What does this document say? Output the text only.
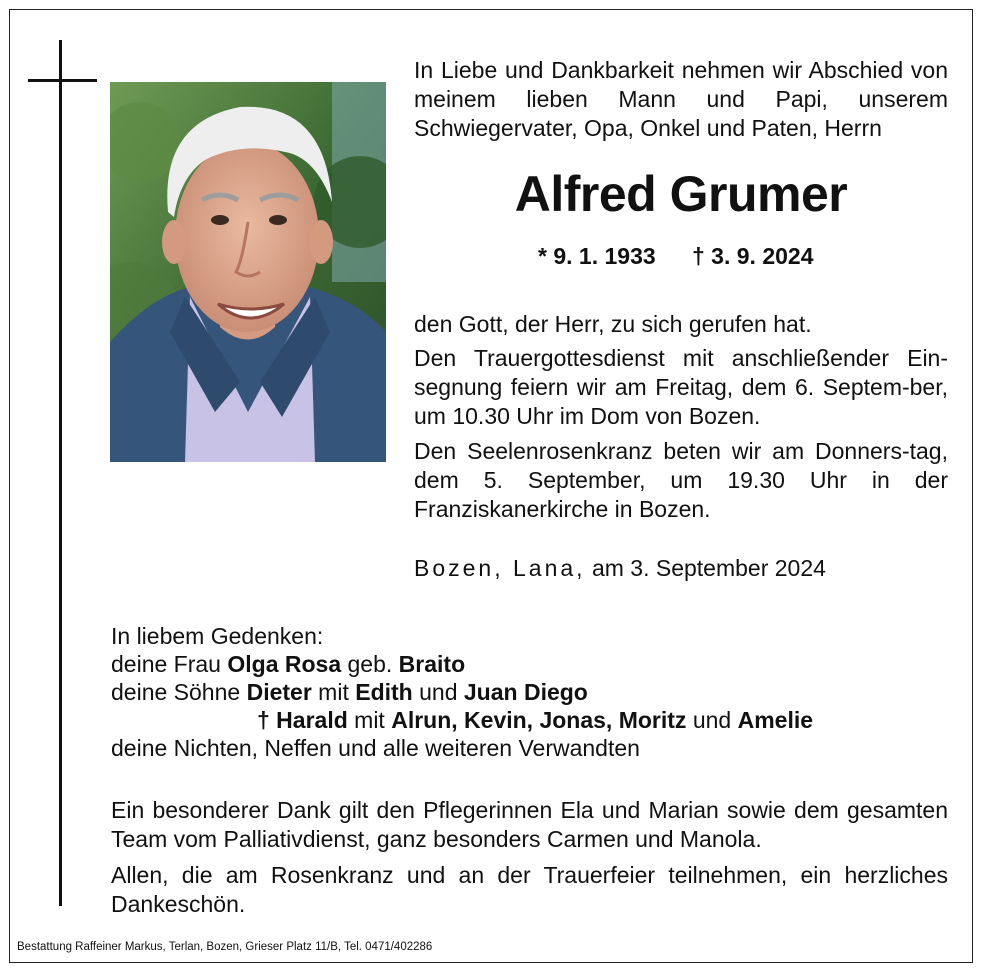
In Liebe und Dankbarkeit nehmen wir Abschied von meinem lieben Mann und Papi, unserem Schwiegervater, Opa, Onkel und Paten, Herrn

Alfred Grumer
* 9. 1. 1933 † 3. 9. 2024

den Gott, der Herr, zu sich gerufen hat.

Den Trauergottesdienst mit anschließender Ein-segnung feiern wir am Freitag, dem 6. Septem-ber, um 10.30 Uhr im Dom von Bozen.

Den Seelenrosenkranz beten wir am Donners-tag, dem 5. September, um 19.30 Uhr in der Franziskanerkirche in Bozen.

Bozen, Lana, am 3. September 2024

In liebem Gedenken:
deine Frau Olga Rosa geb. Braito
deine Söhne Dieter mit Edith und Juan Diego
† Harald mit Alrun, Kevin, Jonas, Moritz und Amelie
deine Nichten, Neffen und alle weiteren Verwandten

Ein besonderer Dank gilt den Pflegerinnen Ela und Marian sowie dem gesamten Team vom Palliativdienst, ganz besonders Carmen und Manola.

Allen, die am Rosenkranz und an der Trauerfeier teilnehmen, ein herzliches Dankeschön.

Bestattung Raffeiner Markus, Terlan, Bozen, Grieser Platz 11/B, Tel. 0471/402286
